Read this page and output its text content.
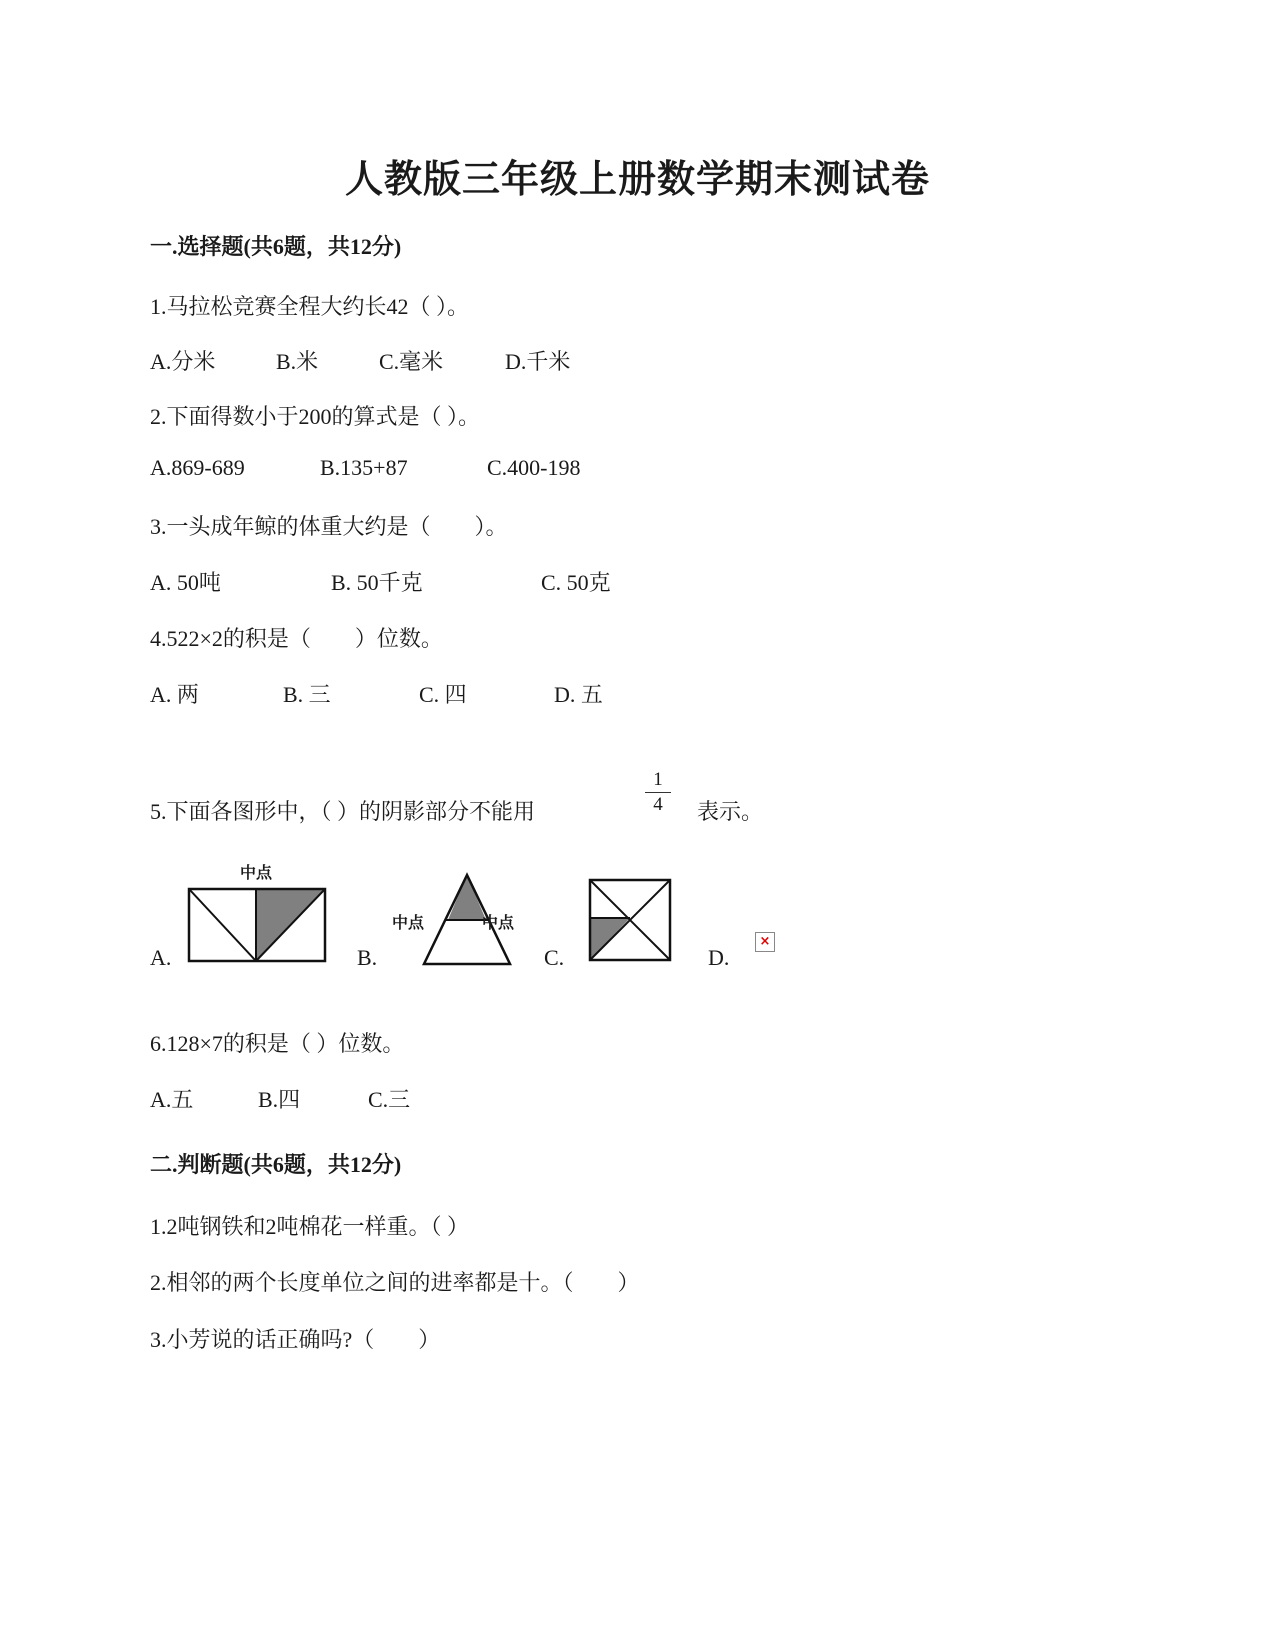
人教版三年级上册数学期末测试卷
一.选择题(共6题，共12分)
1.马拉松竞赛全程大约长42（ ）。
A.分米	B.米	C.毫米	D.千米
2.下面得数小于200的算式是（ ）。
A.869-689	B.135+87	C.400-198
3.一头成年鲸的体重大约是（　　）。
A. 50吨	B. 50千克	C. 50克
4.522×2的积是（　　）位数。
A. 两	B. 三	C. 四	D. 五
5.下面各图形中，（ ）的阴影部分不能用
1
4	表示。
A.
中点
B.
中点	中点
C.	D.
×
6.128×7的积是（ ）位数。
A.五	B.四	C.三
二.判断题(共6题，共12分)
1.2吨钢铁和2吨棉花一样重。（ ）
2.相邻的两个长度单位之间的进率都是十。（　　）
3.小芳说的话正确吗?（　　）
